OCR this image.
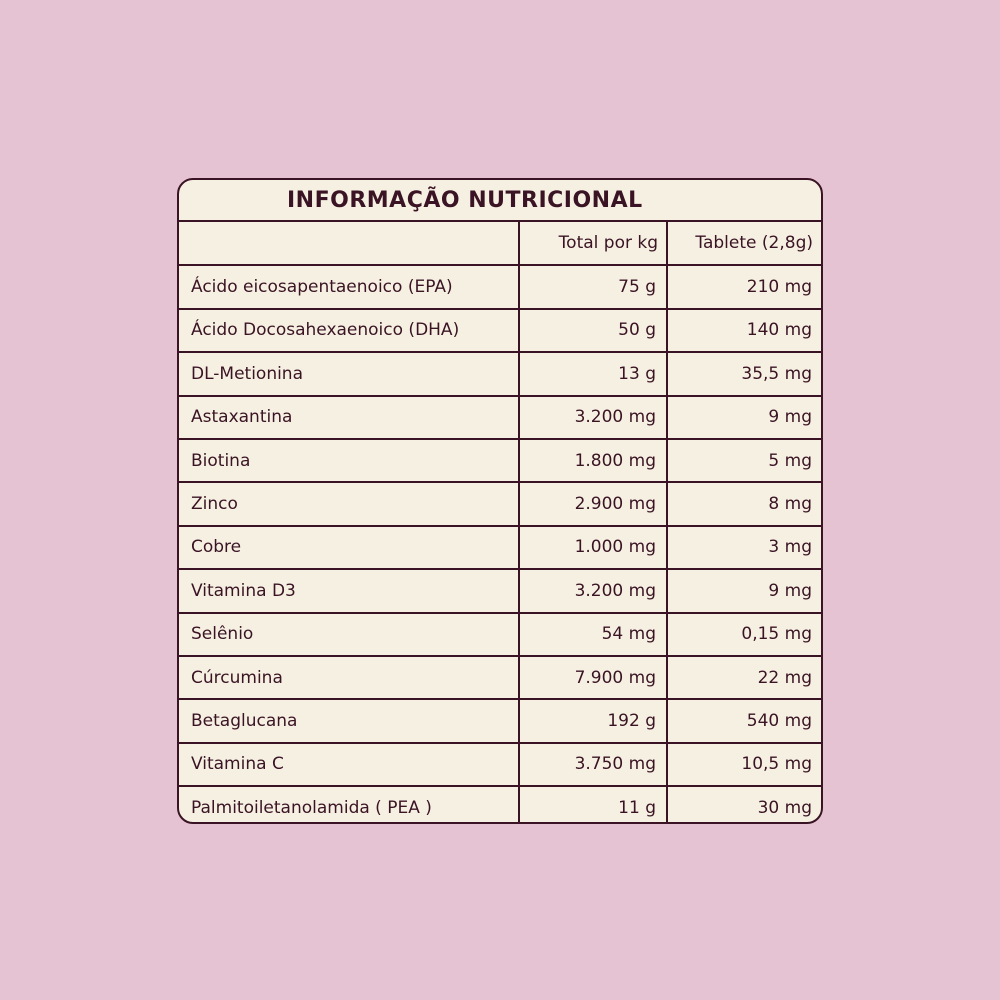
INFORMAÇÃO NUTRICIONAL
	Total por kg	Tablete (2,8g)
Ácido eicosapentaenoico (EPA)	75 g	210 mg
Ácido Docosahexaenoico (DHA)	50 g	140 mg
DL-Metionina	13 g	35,5 mg
Astaxantina	3.200 mg	9 mg
Biotina	1.800 mg	5 mg
Zinco	2.900 mg	8 mg
Cobre	1.000 mg	3 mg
Vitamina D3	3.200 mg	9 mg
Selênio	54 mg	0,15 mg
Cúrcumina	7.900 mg	22 mg
Betaglucana	192 g	540 mg
Vitamina C	3.750 mg	10,5 mg
Palmitoiletanolamida ( PEA )	11 g	30 mg
